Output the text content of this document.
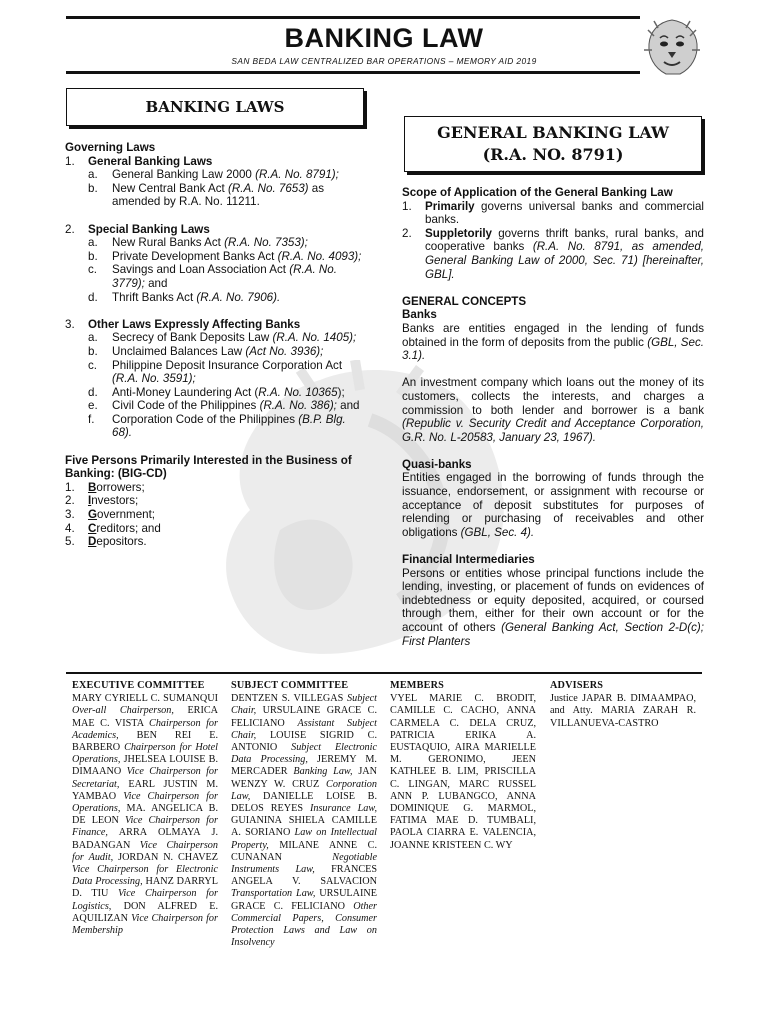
BANKING LAW
SAN BEDA LAW CENTRALIZED BAR OPERATIONS – MEMORY AID 2019
BANKING LAWS
GENERAL BANKING LAW
(R.A. NO. 8791)
Governing Laws
1.	General Banking Laws
a.	General Banking Law 2000 (R.A. No. 8791);
b.	New Central Bank Act (R.A. No. 7653) as amended by R.A. No. 11211.
2.	Special Banking Laws
a.	New Rural Banks Act (R.A. No. 7353);
b.	Private Development Banks Act (R.A. No. 4093);
c.	Savings and Loan Association Act (R.A. No. 3779); and
d.	Thrift Banks Act (R.A. No. 7906).
3.	Other Laws Expressly Affecting Banks
a.	Secrecy of Bank Deposits Law (R.A. No. 1405);
b.	Unclaimed Balances Law (Act No. 3936);
c.	Philippine Deposit Insurance Corporation Act (R.A. No. 3591);
d.	Anti-Money Laundering Act (R.A. No. 10365);
e.	Civil Code of the Philippines (R.A. No. 386); and
f.	Corporation Code of the Philippines (B.P. Blg. 68).
Five Persons Primarily Interested in the Business of Banking: (BIG-CD)
1.	Borrowers;
2.	Investors;
3.	Government;
4.	Creditors; and
5.	Depositors.
Scope of Application of the General Banking Law
1.	Primarily governs universal banks and commercial banks.
2.	Suppletorily governs thrift banks, rural banks, and cooperative banks (R.A. No. 8791, as amended, General Banking Law of 2000, Sec. 71) [hereinafter, GBL].
GENERAL CONCEPTS
Banks
Banks are entities engaged in the lending of funds obtained in the form of deposits from the public (GBL, Sec. 3.1).
An investment company which loans out the money of its customers, collects the interests, and charges a commission to both lender and borrower is a bank (Republic v. Security Credit and Acceptance Corporation, G.R. No. L-20583, January 23, 1967).
Quasi-banks
Entities engaged in the borrowing of funds through the issuance, endorsement, or assignment with recourse or acceptance of deposit substitutes for purposes of relending or purchasing of receivables and other obligations (GBL, Sec. 4).
Financial Intermediaries
Persons or entities whose principal functions include the lending, investing, or placement of funds on evidences of indebtedness or equity deposited, acquired, or coursed through them, either for their own account or for the account of others (General Banking Act, Section 2-D(c); First Planters
EXECUTIVE COMMITTEE
MARY CYRIELL C. SUMANQUI Over-all Chairperson, ERICA MAE C. VISTA Chairperson for Academics, BEN REI E. BARBERO Chairperson for Hotel Operations, JHELSEA LOUISE B. DIMAANO Vice Chairperson for Secretariat, EARL JUSTIN M. YAMBAO Vice Chairperson for Operations, MA. ANGELICA B. DE LEON Vice Chairperson for Finance, ARRA OLMAYA J. BADANGAN Vice Chairperson for Audit, JORDAN N. CHAVEZ Vice Chairperson for Electronic Data Processing, HANZ DARRYL D. TIU Vice Chairperson for Logistics, DON ALFRED E. AQUILIZAN Vice Chairperson for Membership
SUBJECT COMMITTEE
DENTZEN S. VILLEGAS Subject Chair, URSULAINE GRACE C. FELICIANO Assistant Subject Chair, LOUISE SIGRID C. ANTONIO Subject Electronic Data Processing, JEREMY M. MERCADER Banking Law, JAN WENZY W. CRUZ Corporation Law, DANIELLE LOISE B. DELOS REYES Insurance Law, GUIANINA SHIELA CAMILLE A. SORIANO Law on Intellectual Property, MILANE ANNE C. CUNANAN Negotiable Instruments Law, FRANCES ANGELA V. SALVACION Transportation Law, URSULAINE GRACE C. FELICIANO Other Commercial Papers, Consumer Protection Laws and Law on Insolvency
MEMBERS
VYEL MARIE C. BRODIT, CAMILLE C. CACHO, ANNA CARMELA C. DELA CRUZ, PATRICIA ERIKA A. EUSTAQUIO, AIRA MARIELLE M. GERONIMO, JEEN KATHLEE B. LIM, PRISCILLA C. LINGAN, MARC RUSSEL ANN P. LUBANGCO, ANNA DOMINIQUE G. MARMOL, FATIMA MAE D. TUMBALI, PAOLA CIARRA E. VALENCIA, JOANNE KRISTEEN C. WY
ADVISERS
Justice JAPAR B. DIMAAMPAO, and Atty. MARIA ZARAH R. VILLANUEVA-CASTRO
